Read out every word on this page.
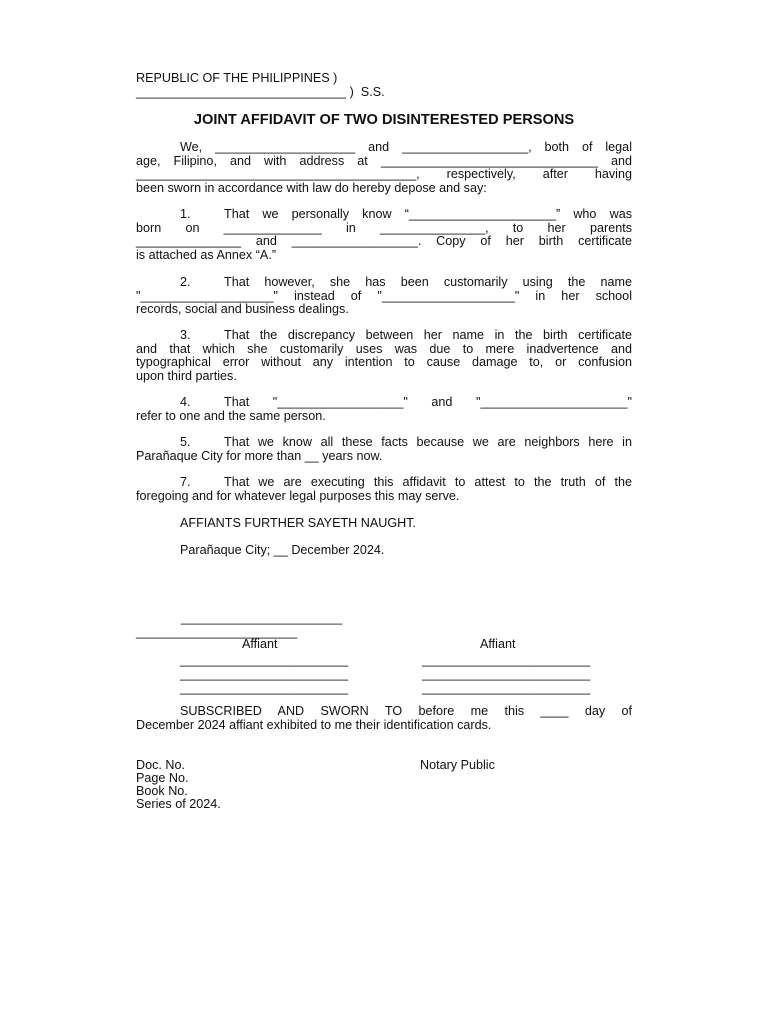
REPUBLIC OF THE PHILIPPINES )
______________________________ )  S.S.
JOINT AFFIDAVIT OF TWO DISINTERESTED PERSONS
We, ____________________ and __________________, both of legal
age, Filipino, and with address at _______________________________ and
________________________________________, respectively, after having
been sworn in accordance with law do hereby depose and say:
1.	That we personally know “_____________________” who was
born on ______________ in _______________, to her parents
_______________ and __________________. Copy of her birth certificate
is attached as Annex “A.”
2.	That however, she has been customarily using the name
"___________________" instead of "___________________" in her school
records, social and business dealings.
3.	That the discrepancy between her name in the birth certificate
and that which she customarily uses was due to mere inadvertence and
typographical error without any intention to cause damage to, or confusion
upon third parties.
4.	That "__________________" and "_____________________"
refer to one and the same person.
5.	That we know all these facts because we are neighbors here in
Parañaque City for more than __ years now.
7.	That we are executing this affidavit to attest to the truth of the
foregoing and for whatever legal purposes this may serve.
AFFIANTS FURTHER SAYETH NAUGHT.
Parañaque City; __ December 2024.
_______________________
_______________________
Affiant	Affiant
________________________
________________________
________________________
________________________
________________________
________________________
SUBSCRIBED AND SWORN TO before me this ____ day of
December 2024 affiant exhibited to me their identification cards.
Doc. No.	Notary Public
Page No.
Book No.
Series of 2024.
